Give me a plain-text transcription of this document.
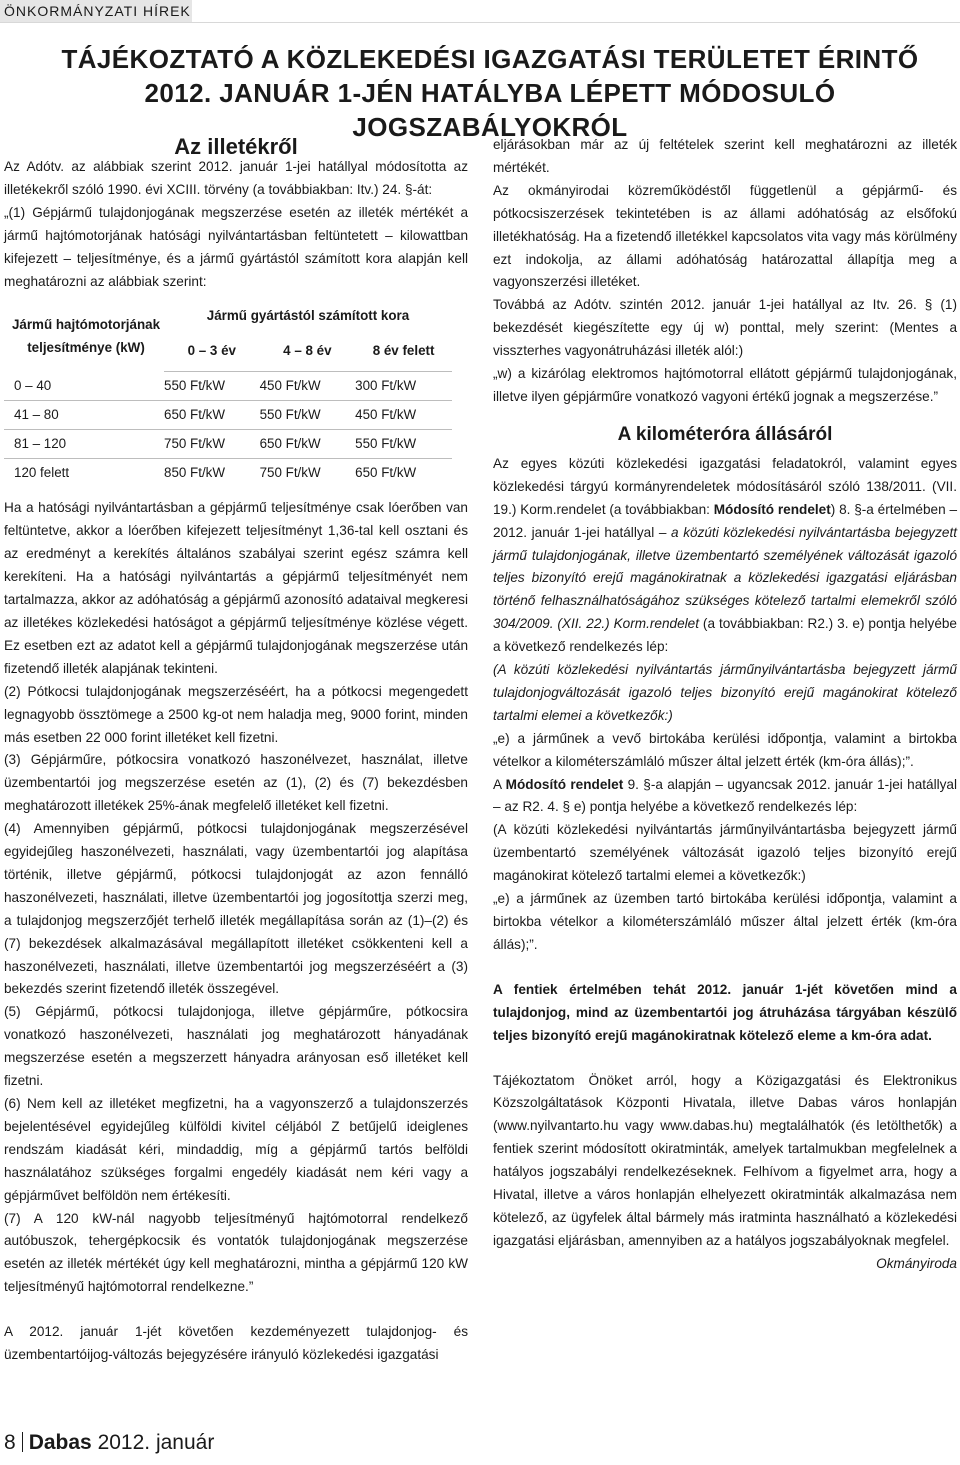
ÖNKORMÁNYZATI HÍREK
TÁJÉKOZTATÓ A KÖZLEKEDÉSI IGAZGATÁSI TERÜLETET ÉRINTŐ
2012. JANUÁR 1-JÉN HATÁLYBA LÉPETT MÓDOSULÓ JOGSZABÁLYOKRÓL
Az illetékről

Az Adótv. az alábbiak szerint 2012. január 1-jei hatállyal módosította az illetékekről szóló 1990. évi XCIII. törvény (a továbbiakban: Itv.) 24. §-át:

„(1) Gépjármű tulajdonjogának megszerzése esetén az illeték mértékét a jármű hajtómotorjának hatósági nyilvántartásban feltüntetett – kilowattban kifejezett – teljesítménye, és a jármű gyártástól számított kora alapján kell meghatározni az alábbiak szerint:

Jármű hajtómotorjának teljesítménye (kW)	Jármű gyártástól számított kora		
	0 – 3 év	4 – 8 év	8 év felett
0 – 40	550 Ft/kW	450 Ft/kW	300 Ft/kW
41 – 80	650 Ft/kW	550 Ft/kW	450 Ft/kW
81 – 120	750 Ft/kW	650 Ft/kW	550 Ft/kW
120 felett	850 Ft/kW	750 Ft/kW	650 Ft/kW

Ha a hatósági nyilvántartásban a gépjármű teljesítménye csak lóerőben van feltüntetve, akkor a lóerőben kifejezett teljesítményt 1,36-tal kell osztani és az eredményt a kerekítés általános szabályai szerint egész számra kell kerekíteni. Ha a hatósági nyilvántartás a gépjármű teljesítményét nem tartalmazza, akkor az adóhatóság a gépjármű azonosító adataival megkeresi az illetékes közlekedési hatóságot a gépjármű teljesítménye közlése végett. Ez esetben ezt az adatot kell a gépjármű tulajdonjogának megszerzése után fizetendő illeték alapjának tekinteni.

(2) Pótkocsi tulajdonjogának megszerzéséért, ha a pótkocsi megengedett legnagyobb össztömege a 2500 kg-ot nem haladja meg, 9000 forint, minden más esetben 22 000 forint illetéket kell fizetni.

(3) Gépjárműre, pótkocsira vonatkozó haszonélvezet, használat, illetve üzembentartói jog megszerzése esetén az (1), (2) és (7) bekezdésben meghatározott illetékek 25%-ának megfelelő illetéket kell fizetni.

(4) Amennyiben gépjármű, pótkocsi tulajdonjogának megszerzésével egyidejűleg haszonélvezeti, használati, vagy üzembentartói jog alapítása történik, illetve gépjármű, pótkocsi tulajdonjogát az azon fennálló haszonélvezeti, használati, illetve üzembentartói jog jogosítottja szerzi meg, a tulajdonjog megszerzőjét terhelő illeték megállapítása során az (1)–(2) és (7) bekezdések alkalmazásával megállapított illetéket csökkenteni kell a haszonélvezeti, használati, illetve üzembentartói jog megszerzéséért a (3) bekezdés szerint fizetendő illeték összegével.

(5) Gépjármű, pótkocsi tulajdonjoga, illetve gépjárműre, pótkocsira vonatkozó haszonélvezeti, használati jog meghatározott hányadának megszerzése esetén a megszerzett hányadra arányosan eső illetéket kell fizetni.

(6) Nem kell az illetéket megfizetni, ha a vagyonszerző a tulajdonszerzés bejelentésével egyidejűleg külföldi kivitel céljából Z betűjelű ideiglenes rendszám kiadását kéri, mindaddig, míg a gépjármű tartós belföldi használatához szükséges forgalmi engedély kiadását nem kéri vagy a gépjárművet belföldön nem értékesíti.

(7) A 120 kW-nál nagyobb teljesítményű hajtómotorral rendelkező autóbuszok, tehergépkocsik és vontatók tulajdonjogának megszerzése esetén az illeték mértékét úgy kell meghatározni, mintha a gépjármű 120 kW teljesítményű hajtómotorral rendelkezne.”

A 2012. január 1-jét követően kezdeményezett tulajdonjog- és üzembentartóijog-változás bejegyzésére irányuló közlekedési igazgatási

eljárásokban már az új feltételek szerint kell meghatározni az illeték mértékét.

Az okmányirodai közreműködéstől függetlenül a gépjármű- és pótkocsiszerzések tekintetében is az állami adóhatóság az elsőfokú illetékhatóság. Ha a fizetendő illetékkel kapcsolatos vita vagy más körülmény ezt indokolja, az állami adóhatóság határozattal állapítja meg a vagyonszerzési illetéket.

Továbbá az Adótv. szintén 2012. január 1-jei hatállyal az Itv. 26. § (1) bekezdését kiegészítette egy új w) ponttal, mely szerint: (Mentes a visszterhes vagyonátruházási illeték alól:)

„w) a kizárólag elektromos hajtómotorral ellátott gépjármű tulajdonjogának, illetve ilyen gépjárműre vonatkozó vagyoni értékű jognak a megszerzése.”

A kilométeróra állásáról

Az egyes közúti közlekedési igazgatási feladatokról, valamint egyes közlekedési tárgyú kormányrendeletek módosításáról szóló 138/2011. (VII. 19.) Korm.rendelet (a továbbiakban: Módosító rendelet) 8. §-a értelmében – 2012. január 1-jei hatállyal – a közúti közlekedési nyilvántartásba bejegyzett jármű tulajdonjogának, illetve üzembentartó személyének változását igazoló teljes bizonyító erejű magánokiratnak a közlekedési igazgatási eljárásban történő felhasználhatóságához szükséges kötelező tartalmi elemekről szóló 304/2009. (XII. 22.) Korm.rendelet (a továbbiakban: R2.) 3. e) pontja helyébe a következő rendelkezés lép:

(A közúti közlekedési nyilvántartás járműnyilvántartásba bejegyzett jármű tulajdonjogváltozását igazoló teljes bizonyító erejű magánokirat kötelező tartalmi elemei a következők:)

„e) a járműnek a vevő birtokába kerülési időpontja, valamint a birtokba vételkor a kilométerszámláló műszer által jelzett érték (km-óra állás);”.

A Módosító rendelet 9. §-a alapján – ugyancsak 2012. január 1-jei hatállyal – az R2. 4. § e) pontja helyébe a következő rendelkezés lép:

(A közúti közlekedési nyilvántartás járműnyilvántartásba bejegyzett jármű üzembentartó személyének változását igazoló teljes bizonyító erejű magánokirat kötelező tartalmi elemei a következők:)

„e) a járműnek az üzemben tartó birtokába kerülési időpontja, valamint a birtokba vételkor a kilométerszámláló műszer által jelzett érték (km-óra állás);”.

A fentiek értelmében tehát 2012. január 1-jét követően mind a tulajdonjog, mind az üzembentartói jog átruházása tárgyában készülő teljes bizonyító erejű magánokiratnak kötelező eleme a km-óra adat.

Tájékoztatom Önöket arról, hogy a Közigazgatási és Elektronikus Közszolgáltatások Központi Hivatala, illetve Dabas város honlapján (www.nyilvantarto.hu vagy www.dabas.hu) megtalálhatók (és letölthetők) a fentiek szerint módosított okiratminták, amelyek tartalmukban megfelelnek a hatályos jogszabályi rendelkezéseknek. Felhívom a figyelmet arra, hogy a Hivatal, illetve a város honlapján elhelyezett okiratminták alkalmazása nem kötelező, az ügyfelek által bármely más iratminta használható a közlekedési igazgatási eljárásban, amennyiben az a hatályos jogszabályoknak megfelel.

Okmányiroda

8 Dabas 2012. január
